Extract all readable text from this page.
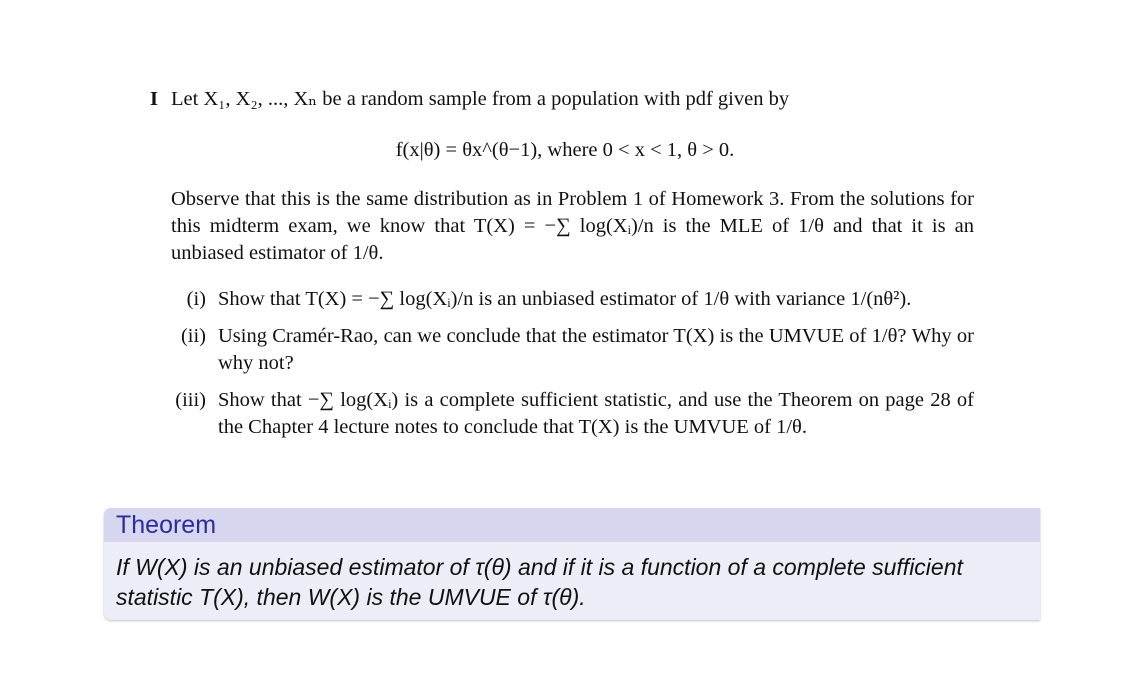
I Let X₁, X₂, ..., Xₙ be a random sample from a population with pdf given by
f(x|θ) = θx^(θ−1), where 0 < x < 1, θ > 0.
Observe that this is the same distribution as in Problem 1 of Homework 3. From the solutions for this midterm exam, we know that T(X) = −∑ log(Xᵢ)/n is the MLE of 1/θ and that it is an unbiased estimator of 1/θ.
(i) Show that T(X) = −∑ log(Xᵢ)/n is an unbiased estimator of 1/θ with variance 1/(nθ²).
(ii) Using Cramér-Rao, can we conclude that the estimator T(X) is the UMVUE of 1/θ? Why or why not?
(iii) Show that −∑ log(Xᵢ) is a complete sufficient statistic, and use the Theorem on page 28 of the Chapter 4 lecture notes to conclude that T(X) is the UMVUE of 1/θ.
Theorem
If W(X) is an unbiased estimator of τ(θ) and if it is a function of a complete sufficient statistic T(X), then W(X) is the UMVUE of τ(θ).
